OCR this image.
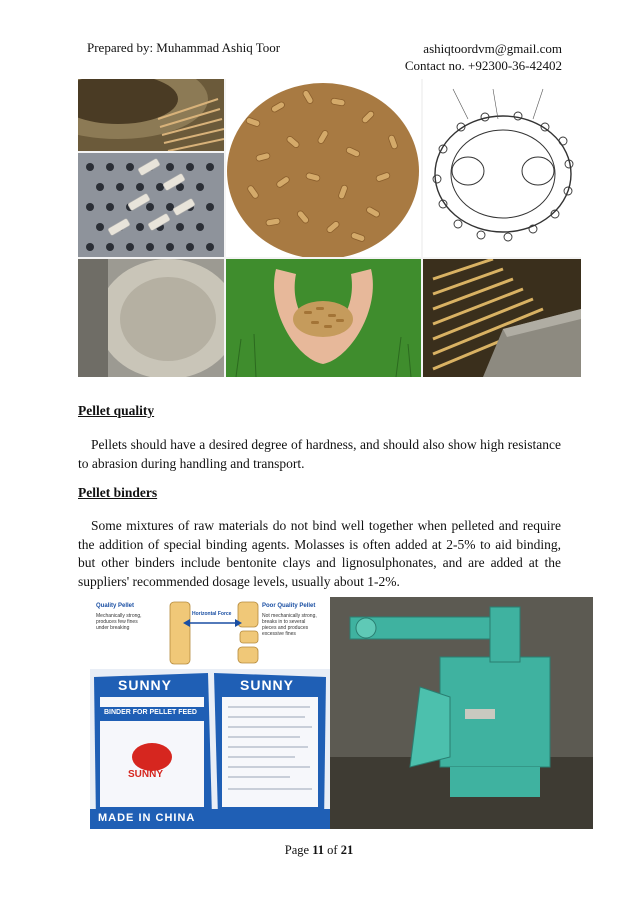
Prepared by: Muhammad Ashiq Toor	ashiqtoordvm@gmail.com
Contact no. +92300-36-42402
Pellet quality

Pellets should have a desired degree of hardness, and should also show high resistance to abrasion during handling and transport.

Pellet binders

Some mixtures of raw materials do not bind well together when pelleted and require the addition of special binding agents. Molasses is often added at 2-5% to aid binding, but other binders include bentonite clays and lignosulphonates, and are added at the suppliers' recommended dosage levels, usually about 1-2%.

Quality Pellet
Mechanically strong,
produces few fines
under breaking
Horizontal Force
Poor Quality Pellet
Not mechanically strong,
breaks in to several
pieces and produces
excessive fines
SUNNY	SUNNY
BINDER FOR PELLET FEED
SUNNY
MADE IN CHINA
Page 11 of 21
